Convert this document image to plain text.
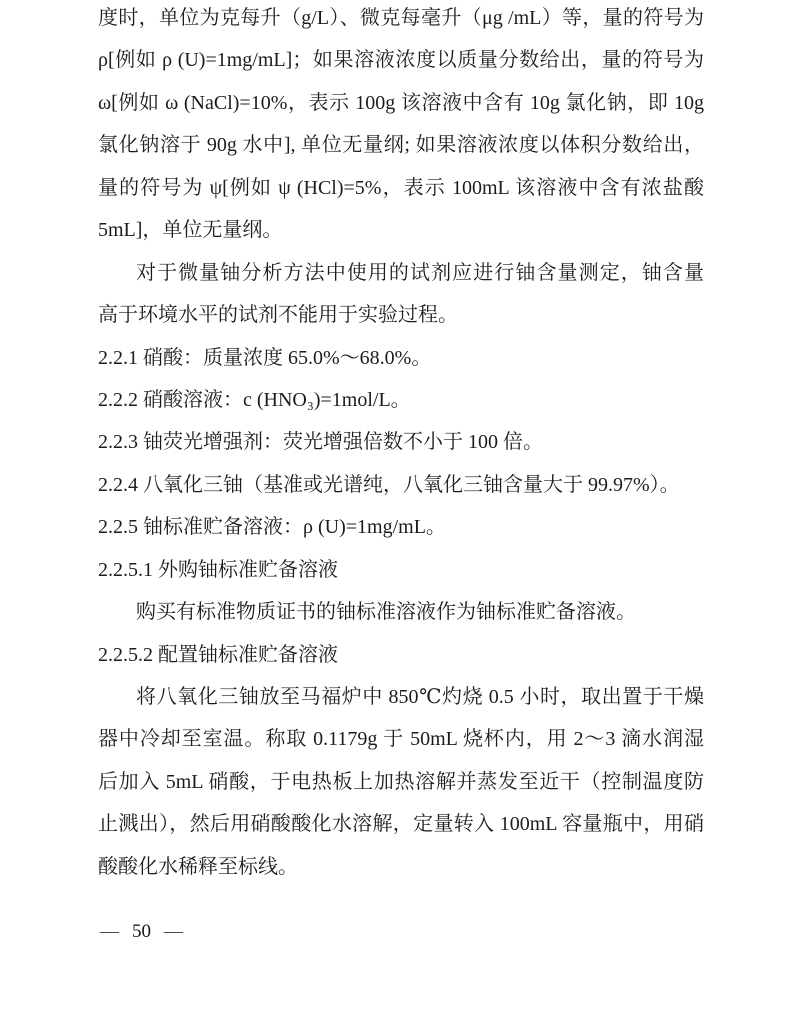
度时，单位为克每升（g/L）、微克每毫升（μg /mL）等，量的符号为
ρ[例如 ρ (U)=1mg/mL]；如果溶液浓度以质量分数给出，量的符号为
ω[例如 ω (NaCl)=10%，表示 100g 该溶液中含有 10g 氯化钠，即 10g
氯化钠溶于 90g 水中], 单位无量纲; 如果溶液浓度以体积分数给出，
量的符号为 ψ[例如 ψ (HCl)=5%，表示 100mL 该溶液中含有浓盐酸
5mL]，单位无量纲。
对于微量铀分析方法中使用的试剂应进行铀含量测定，铀含量
高于环境水平的试剂不能用于实验过程。
2.2.1 硝酸：质量浓度 65.0%～68.0%。
2.2.2 硝酸溶液：c (HNO₃)=1mol/L。
2.2.3 铀荧光增强剂：荧光增强倍数不小于 100 倍。
2.2.4 八氧化三铀（基准或光谱纯，八氧化三铀含量大于 99.97%）。
2.2.5 铀标准贮备溶液：ρ (U)=1mg/mL。
2.2.5.1 外购铀标准贮备溶液
购买有标准物质证书的铀标准溶液作为铀标准贮备溶液。
2.2.5.2 配置铀标准贮备溶液
将八氧化三铀放至马福炉中 850℃灼烧 0.5 小时，取出置于干燥
器中冷却至室温。称取 0.1179g 于 50mL 烧杯内，用 2～3 滴水润湿
后加入 5mL 硝酸，于电热板上加热溶解并蒸发至近干（控制温度防
止溅出），然后用硝酸酸化水溶解，定量转入 100mL 容量瓶中，用硝
酸酸化水稀释至标线。
— 50 —
